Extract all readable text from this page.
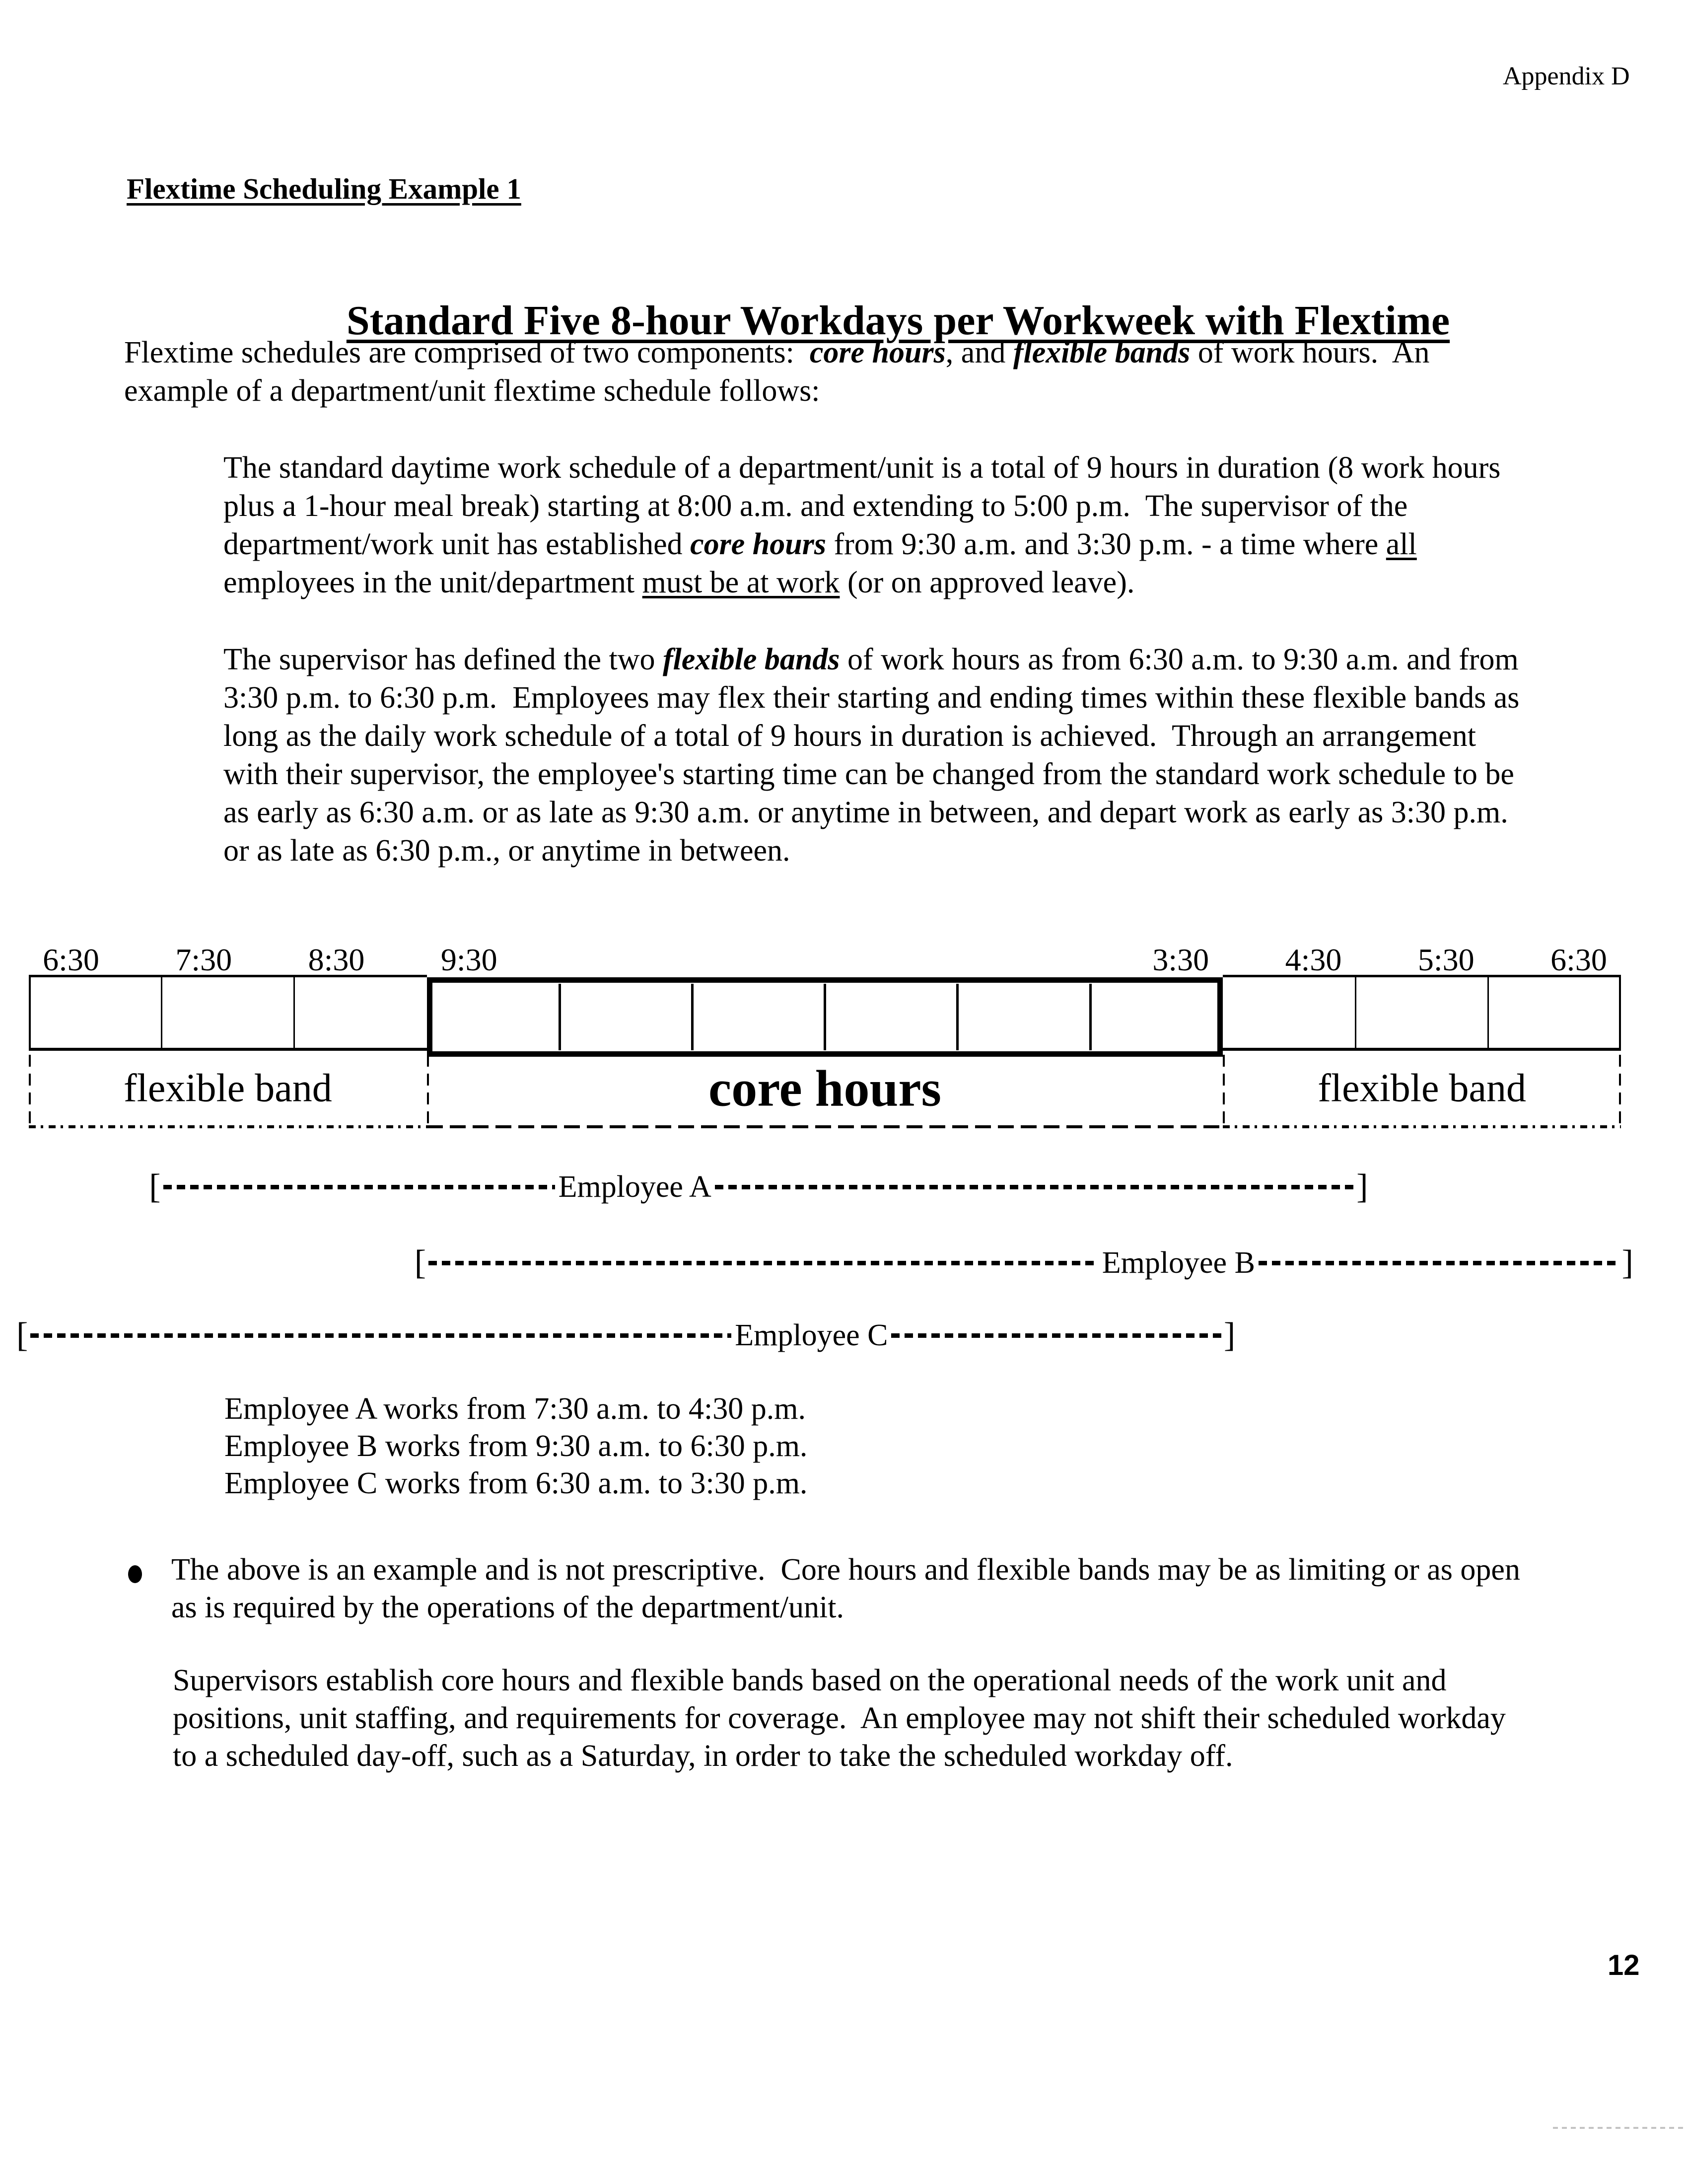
Appendix D
Flextime Scheduling Example 1

Standard Five 8-hour Workdays per Workweek with Flextime

Flextime schedules are comprised of two components:  core hours, and flexible bands of work hours.  An
example of a department/unit flextime schedule follows:
The standard daytime work schedule of a department/unit is a total of 9 hours in duration (8 work hours
plus a 1-hour meal break) starting at 8:00 a.m. and extending to 5:00 p.m.  The supervisor of the
department/work unit has established core hours from 9:30 a.m. and 3:30 p.m. - a time where all
employees in the unit/department must be at work (or on approved leave).
The supervisor has defined the two flexible bands of work hours as from 6:30 a.m. to 9:30 a.m. and from
3:30 p.m. to 6:30 p.m.  Employees may flex their starting and ending times within these flexible bands as
long as the daily work schedule of a total of 9 hours in duration is achieved.  Through an arrangement
with their supervisor, the employee's starting time can be changed from the standard work schedule to be
as early as 6:30 a.m. or as late as 9:30 a.m. or anytime in between, and depart work as early as 3:30 p.m.
or as late as 6:30 p.m., or anytime in between.
6:30 7:30 8:30 9:30	3:30 4:30 5:30 6:30
flexible band	core hours	flexible band
[	Employee A	]
[	Employee B	]
[	Employee C	]
Employee A works from 7:30 a.m. to 4:30 p.m.
Employee B works from 9:30 a.m. to 6:30 p.m.
Employee C works from 6:30 a.m. to 3:30 p.m.
The above is an example and is not prescriptive.  Core hours and flexible bands may be as limiting or as open
as is required by the operations of the department/unit.
Supervisors establish core hours and flexible bands based on the operational needs of the work unit and
positions, unit staffing, and requirements for coverage.  An employee may not shift their scheduled workday
to a scheduled day-off, such as a Saturday, in order to take the scheduled workday off.
12
